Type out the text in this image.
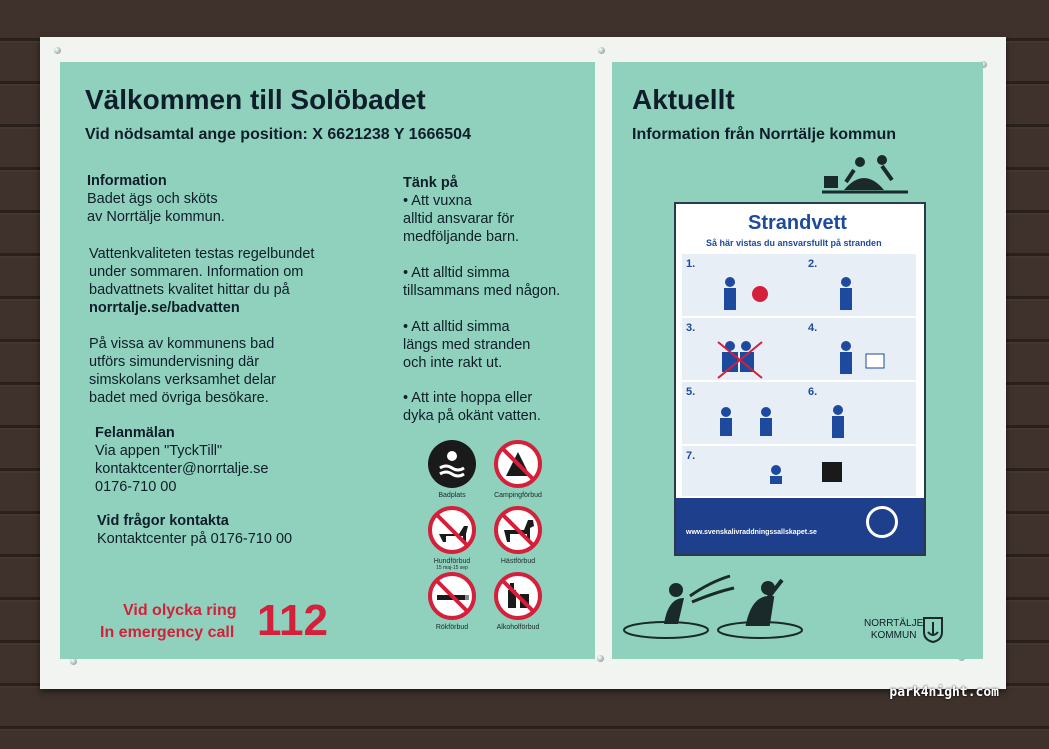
Välkommen till Solöbadet
Vid nödsamtal ange position: X 6621238 Y 1666504
Information
Badet ägs och sköts
av Norrtälje kommun.
Vattenkvaliteten testas regelbundet
under sommaren. Information om
badvattnets kvalitet hittar du på
norrtalje.se/badvatten
På vissa av kommunens bad
utförs simundervisning där
simskolans verksamhet delar
badet med övriga besökare.
Felanmälan
Via appen "TyckTill"
kontaktcenter@norrtalje.se
0176-710 00
Vid frågor kontakta
Kontaktcenter på 0176-710 00
Vid olycka ring
In emergency call 112
Tänk på
• Att vuxna
alltid ansvarar för
medföljande barn.
• Att alltid simma
tillsammans med någon.
• Att alltid simma
längs med stranden
och inte rakt ut.
• Att inte hoppa eller
dyka på okänt vatten.
Badplats	Campingförbud
Hundförbud
15 maj-15 sep
Hästförbud
Rökförbud	Alkoholförbud
Aktuellt
Information från Norrtälje kommun
Strandvett
Så här vistas du ansvarsfullt på stranden
1.	2.
3.	4.
5.	6.
7.
www.svenskalivraddningssallskapet.se
NORRTÄLJE
KOMMUN
park4night.com
